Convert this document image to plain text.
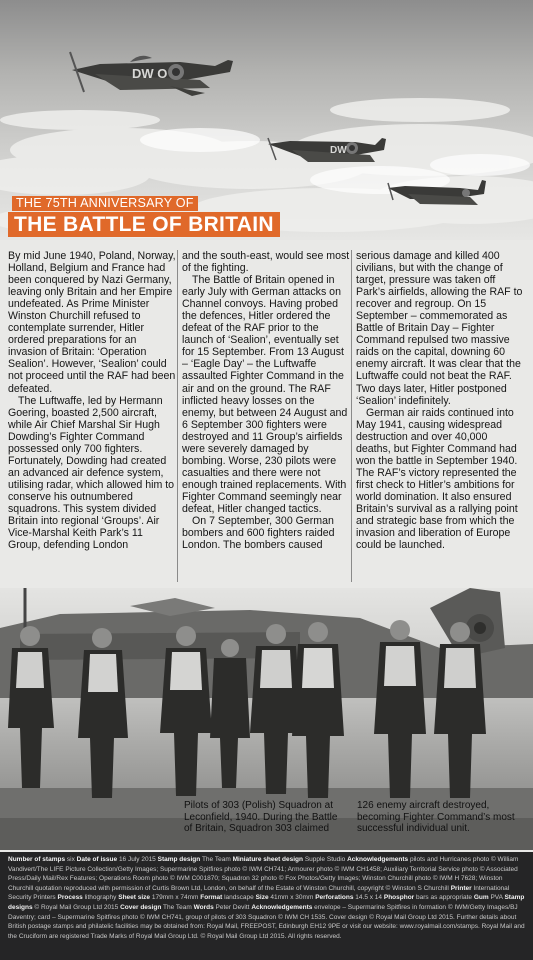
DW O
DW
THE 75TH ANNIVERSARY OF
THE BATTLE OF BRITAIN

By mid June 1940, Poland, Norway, Holland, Belgium and France had been conquered by Nazi Germany, leaving only Britain and her Empire undefeated. As Prime Minister Winston Churchill refused to contemplate surrender, Hitler ordered preparations for an invasion of Britain: ‘Operation Sealion’. However, ‘Sealion’ could not proceed until the RAF had been defeated.

The Luftwaffe, led by Hermann Goering, boasted 2,500 aircraft, while Air Chief Marshal Sir Hugh Dowding’s Fighter Command possessed only 700 fighters. Fortunately, Dowding had created an advanced air defence system, utilising radar, which allowed him to conserve his outnumbered squadrons. This system divided Britain into regional ‘Groups’. Air Vice-Marshal Keith Park’s 11 Group, defending London

and the south-east, would see most of the fighting.

The Battle of Britain opened in early July with German attacks on Channel convoys. Having probed the defences, Hitler ordered the defeat of the RAF prior to the launch of ‘Sealion’, eventually set for 15 September. From 13 August – ‘Eagle Day’ – the Luftwaffe assaulted Fighter Command in the air and on the ground. The RAF inflicted heavy losses on the enemy, but between 24 August and 6 September 300 fighters were destroyed and 11 Group’s airfields were severely damaged by bombing. Worse, 230 pilots were casualties and there were not enough trained replacements. With Fighter Command seemingly near defeat, Hitler changed tactics.

On 7 September, 300 German bombers and 600 fighters raided London. The bombers caused

serious damage and killed 400 civilians, but with the change of target, pressure was taken off Park’s airfields, allowing the RAF to recover and regroup. On 15 September – commemorated as Battle of Britain Day – Fighter Command repulsed two massive raids on the capital, downing 60 enemy aircraft. It was clear that the Luftwaffe could not beat the RAF. Two days later, Hitler postponed ‘Sealion’ indefinitely.

German air raids continued into May 1941, causing widespread destruction and over 40,000 deaths, but Fighter Command had won the battle in September 1940. The RAF’s victory represented the first check to Hitler’s ambitions for world domination. It also ensured Britain’s survival as a rallying point and strategic base from which the invasion and liberation of Europe could be launched.

Pilots of 303 (Polish) Squadron at Leconfield, 1940. During the Battle of Britain, Squadron 303 claimed
126 enemy aircraft destroyed, becoming Fighter Command’s most successful individual unit.
Number of stamps six Date of issue 16 July 2015 Stamp design The Team Miniature sheet design Supple Studio Acknowledgements pilots and Hurricanes photo © William Vandivert/The LIFE Picture Collection/Getty Images; Supermarine Spitfires photo © IWM CH741; Armourer photo © IWM CH1458; Auxiliary Territorial Service photo © Associated Press/Daily Mail/Rex Features; Operations Room photo © IWM C001870; Squadron 32 photo © Fox Photos/Getty Images; Winston Churchill photo © IWM H 7628; Winston Churchill quotation reproduced with permission of Curtis Brown Ltd, London, on behalf of the Estate of Winston Churchill, copyright © Winston S Churchill Printer International Security Printers Process lithography Sheet size 179mm x 74mm Format landscape Size 41mm x 30mm Perforations 14.5 x 14 Phosphor bars as appropriate Gum PVA Stamp designs © Royal Mail Group Ltd 2015 Cover design The Team Words Peter Devitt Acknowledgements envelope – Supermarine Spitfires in formation © IWM/Getty Images/BJ Daventry; card – Supermarine Spitfires photo © IWM CH741, group of pilots of 303 Squadron © IWM CH 1535. Cover design © Royal Mail Group Ltd 2015. Further details about British postage stamps and philatelic facilities may be obtained from: Royal Mail, FREEPOST, Edinburgh EH12 9PE or visit our website: www.royalmail.com/stamps. Royal Mail and the Cruciform are registered Trade Marks of Royal Mail Group Ltd. © Royal Mail Group Ltd 2015. All rights reserved.
